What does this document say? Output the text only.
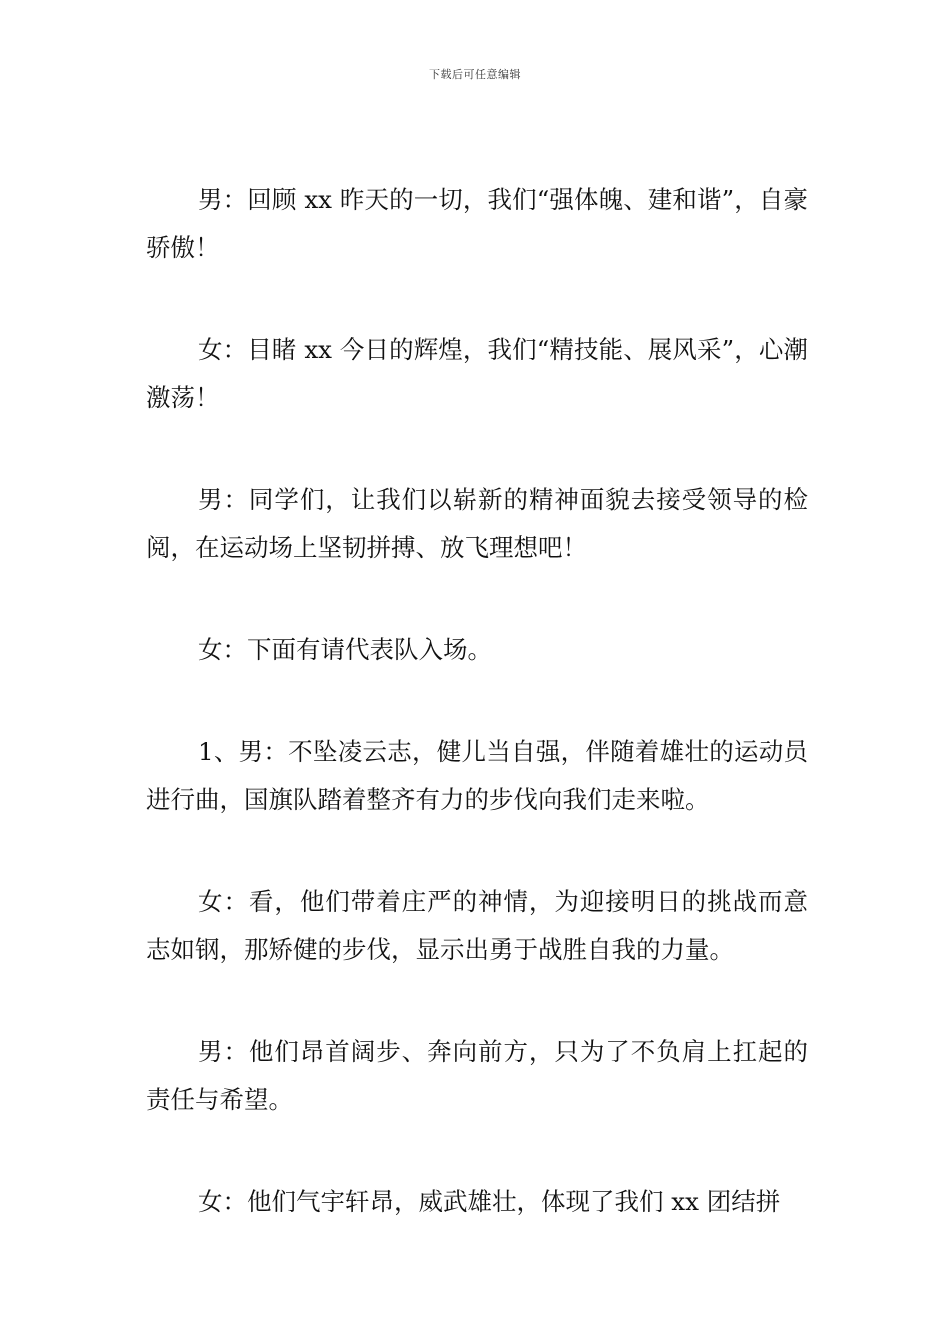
下载后可任意编辑

男：回顾 xx 昨天的一切，我们“强体魄、建和谐”，自豪骄傲！

女：目睹 xx 今日的辉煌，我们“精技能、展风采”，心潮激荡！

男：同学们，让我们以崭新的精神面貌去接受领导的检阅，在运动场上坚韧拼搏、放飞理想吧！

女：下面有请代表队入场。

1、男：不坠凌云志，健儿当自强，伴随着雄壮的运动员进行曲，国旗队踏着整齐有力的步伐向我们走来啦。

女：看，他们带着庄严的神情，为迎接明日的挑战而意志如钢，那矫健的步伐，显示出勇于战胜自我的力量。

男：他们昂首阔步、奔向前方，只为了不负肩上扛起的责任与希望。

女：他们气宇轩昂，威武雄壮，体现了我们 xx 团结拼
